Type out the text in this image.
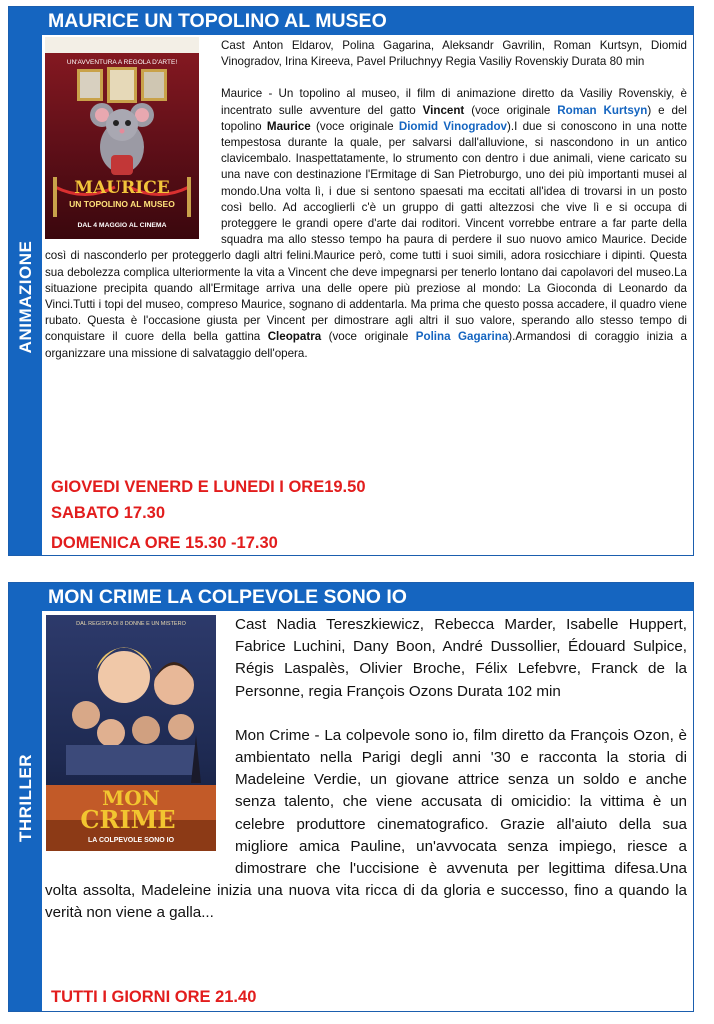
ANIMAZIONE
MAURICE UN TOPOLINO AL MUSEO
UN'AVVENTURA A REGOLA D'ARTE!
MAURICE
UN TOPOLINO AL MUSEO
DAL 4 MAGGIO AL CINEMA

Cast Anton Eldarov, Polina Gagarina, Aleksandr Gavrilin, Roman Kurtsyn, Diomid Vinogradov, Irina Kireeva, Pavel Priluchnyy Regia Vasiliy Rovenskiy Durata 80 min

Maurice - Un topolino al museo, il film di animazione diretto da Vasiliy Rovenskiy, è incentrato sulle avventure del gatto Vincent (voce originale Roman Kurtsyn) e del topolino Maurice (voce originale Diomid Vinogradov).I due si conoscono in una notte tempestosa durante la quale, per salvarsi dall'alluvione, si nascondono in un antico clavicembalo. Inaspettatamente, lo strumento con dentro i due animali, viene caricato su una nave con destinazione l'Ermitage di San Pietroburgo, uno dei più importanti musei al mondo.Una volta lì, i due si sentono spaesati ma eccitati all'idea di trovarsi in un posto così bello. Ad accoglierli c'è un gruppo di gatti altezzosi che vive lì e si occupa di proteggere le grandi opere d'arte dai roditori. Vincent vorrebbe entrare a far parte della squadra ma allo stesso tempo ha paura di perdere il suo nuovo amico Maurice. Decide così di nasconderlo per proteggerlo dagli altri felini.Maurice però, come tutti i suoi simili, adora rosicchiare i dipinti. Questa sua debolezza complica ulteriormente la vita a Vincent che deve impegnarsi per tenerlo lontano dai capolavori del museo.La situazione precipita quando all'Ermitage arriva una delle opere più preziose al mondo: La Gioconda di Leonardo da Vinci.Tutti i topi del museo, compreso Maurice, sognano di addentarla. Ma prima che questo possa accadere, il quadro viene rubato. Questa è l'occasione giusta per Vincent per dimostrare agli altri il suo valore, sperando allo stesso tempo di conquistare il cuore della bella gattina Cleopatra (voce originale Polina Gagarina).Armandosi di coraggio inizia a organizzare una missione di salvataggio dell'opera.

GIOVEDI VENERD E LUNEDI I ORE19.50
SABATO 17.30
DOMENICA ORE 15.30 -17.30
THRILLER
MON CRIME LA COLPEVOLE SONO IO
DAL REGISTA DI 8 DONNE E UN MISTERO
MON
CRIME
LA COLPEVOLE SONO IO

Cast Nadia Tereszkiewicz, Rebecca Marder, Isabelle Huppert, Fabrice Luchini, Dany Boon, André Dussollier, Édouard Sulpice, Régis Laspalès, Olivier Broche, Félix Lefebvre, Franck de la Personne, regia François Ozons Durata 102 min

Mon Crime - La colpevole sono io, film diretto da François Ozon, è ambientato nella Parigi degli anni '30 e racconta la storia di Madeleine Verdie, un giovane attrice senza un soldo e anche senza talento, che viene accusata di omicidio: la vittima è un celebre produttore cinematografico. Grazie all'aiuto della sua migliore amica Pauline, un'avvocata senza impiego, riesce a dimostrare che l'uccisione è avvenuta per legittima difesa.Una volta assolta, Madeleine inizia una nuova vita ricca di da gloria e successo, fino a quando la verità non viene a galla...

TUTTI I GIORNI ORE 21.40
